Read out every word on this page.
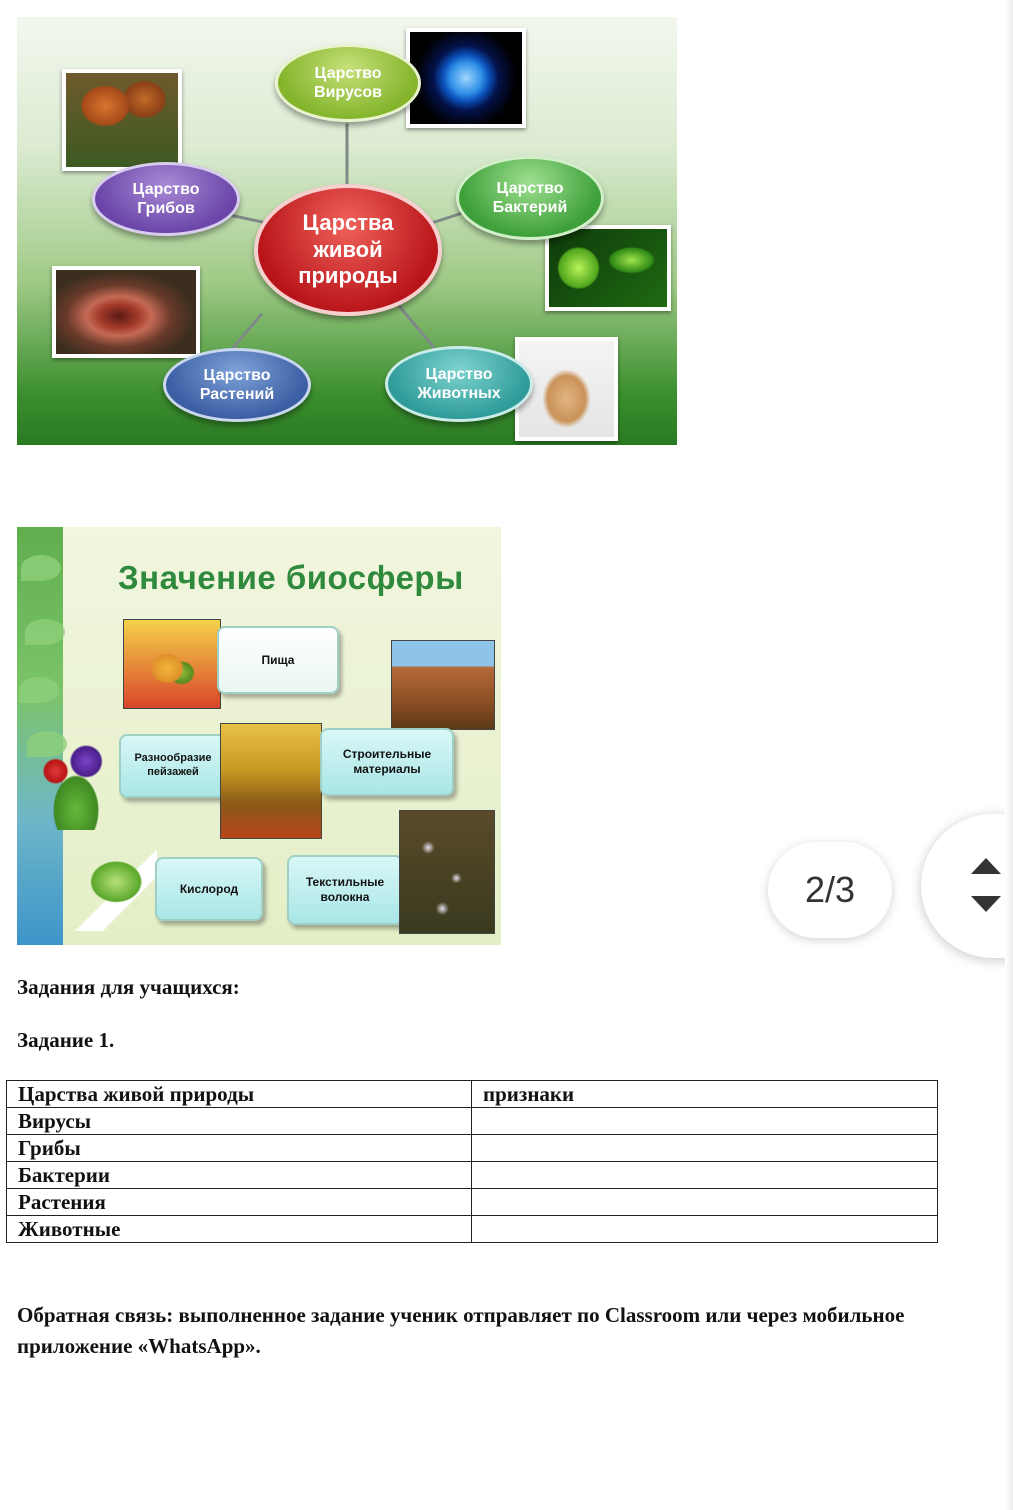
Царство
Вирусов
Царство
Грибов
Царство
Бактерий
Царство
Растений
Царство
Животных
Царства
живой
природы
Значение биосферы
Пища
Разнообразие
пейзажей
Строительные
материалы
Кислород	Текстильные
волокна	2/3
Задания для учащихся:
Задание 1.
Царства живой природы	признаки
Вирусы	
Грибы	
Бактерии	
Растения	
Животные	
Обратная связь: выполненное задание ученик отправляет по Classroom или через мобильное приложение «WhatsApp».
